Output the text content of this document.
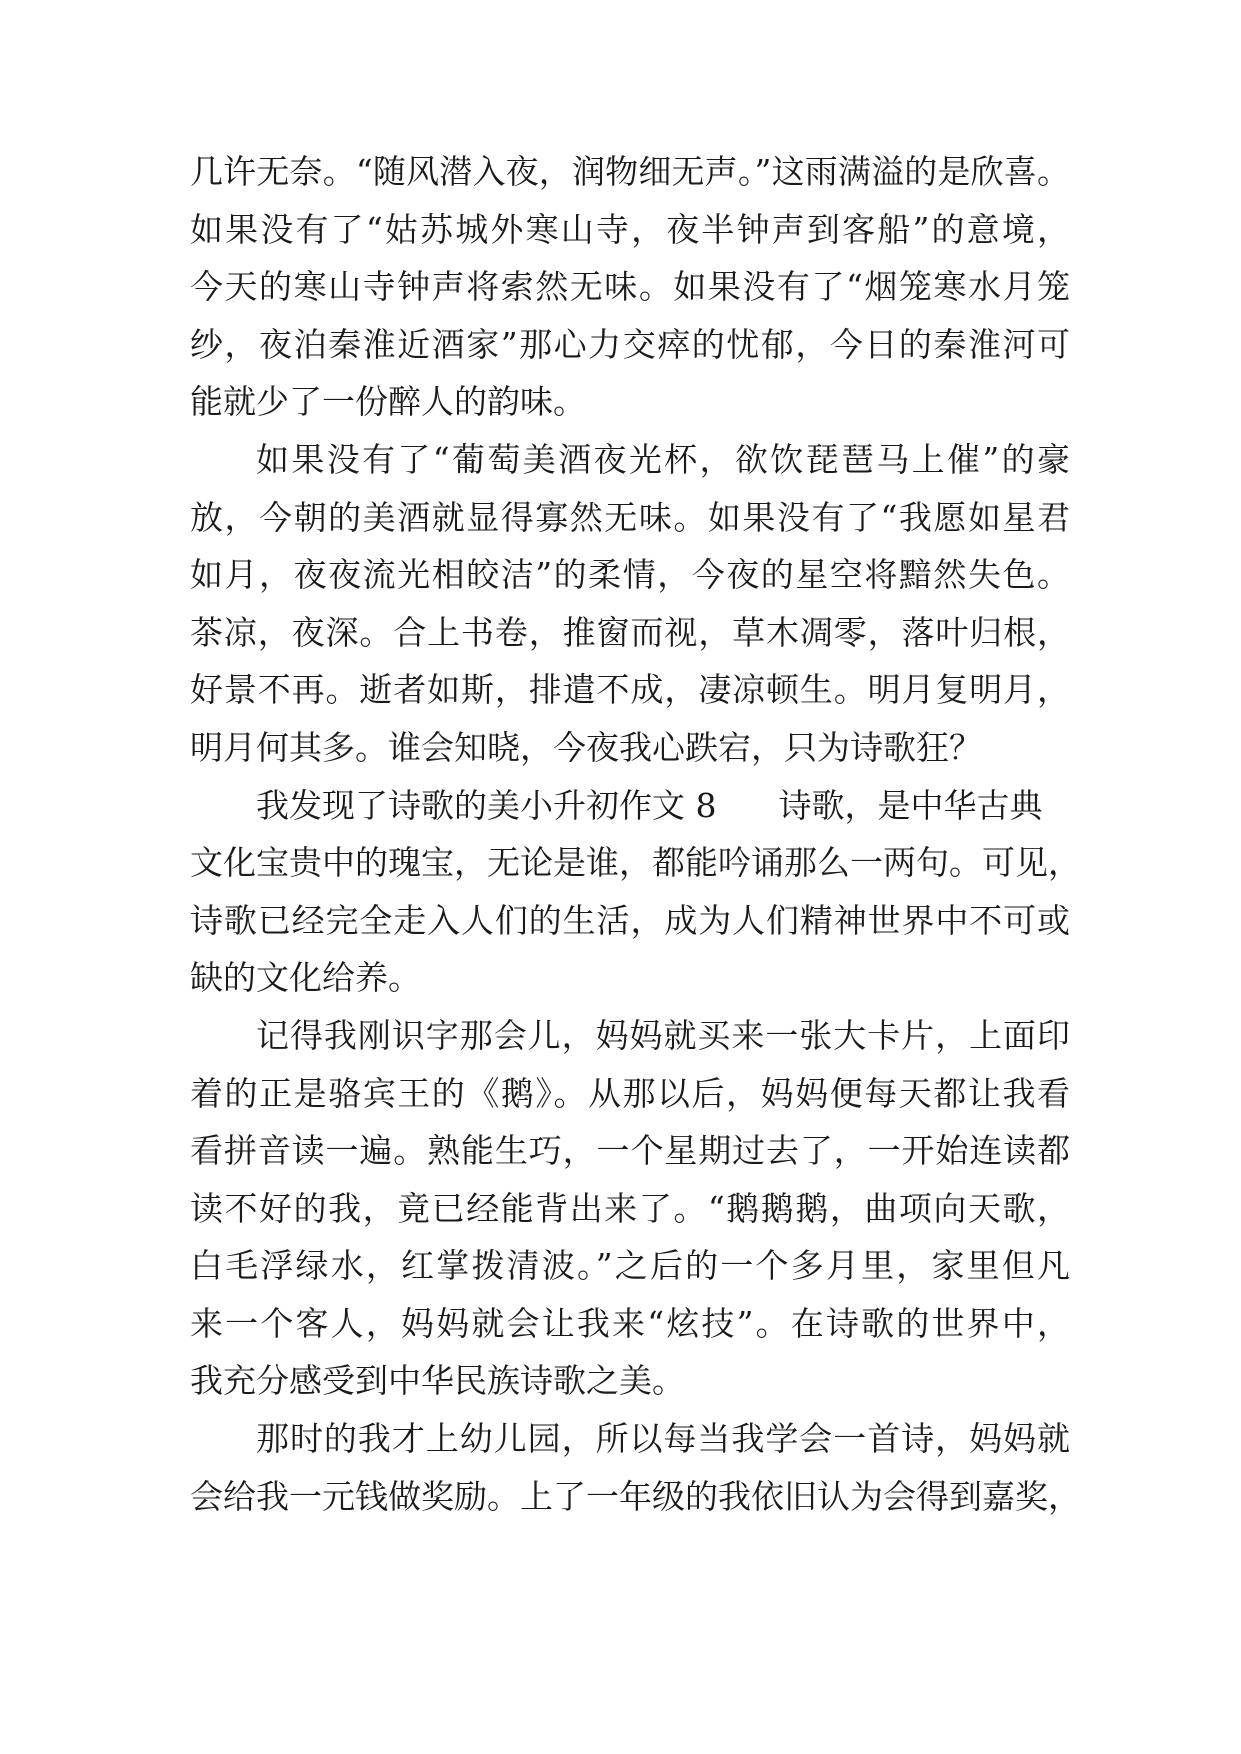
几许无奈。“随风潜入夜，润物细无声。”这雨满溢的是欣喜。
如果没有了“姑苏城外寒山寺，夜半钟声到客船”的意境，
今天的寒山寺钟声将索然无味。如果没有了“烟笼寒水月笼
纱，夜泊秦淮近酒家”那心力交瘁的忧郁，今日的秦淮河可
能就少了一份醉人的韵味。
如果没有了“葡萄美酒夜光杯，欲饮琵琶马上催”的豪
放，今朝的美酒就显得寡然无味。如果没有了“我愿如星君
如月，夜夜流光相皎洁”的柔情，今夜的星空将黯然失色。
茶凉，夜深。合上书卷，推窗而视，草木凋零，落叶归根，
好景不再。逝者如斯，排遣不成，凄凉顿生。明月复明月，
明月何其多。谁会知晓，今夜我心跌宕，只为诗歌狂？
我发现了诗歌的美小升初作文 8 诗歌，是中华古典
文化宝贵中的瑰宝，无论是谁，都能吟诵那么一两句。可见，
诗歌已经完全走入人们的生活，成为人们精神世界中不可或
缺的文化给养。
记得我刚识字那会儿，妈妈就买来一张大卡片，上面印
着的正是骆宾王的《鹅》。从那以后，妈妈便每天都让我看
看拼音读一遍。熟能生巧，一个星期过去了，一开始连读都
读不好的我，竟已经能背出来了。“鹅鹅鹅，曲项向天歌，
白毛浮绿水，红掌拨清波。”之后的一个多月里，家里但凡
来一个客人，妈妈就会让我来“炫技”。在诗歌的世界中，
我充分感受到中华民族诗歌之美。
那时的我才上幼儿园，所以每当我学会一首诗，妈妈就
会给我一元钱做奖励。上了一年级的我依旧认为会得到嘉奖，
